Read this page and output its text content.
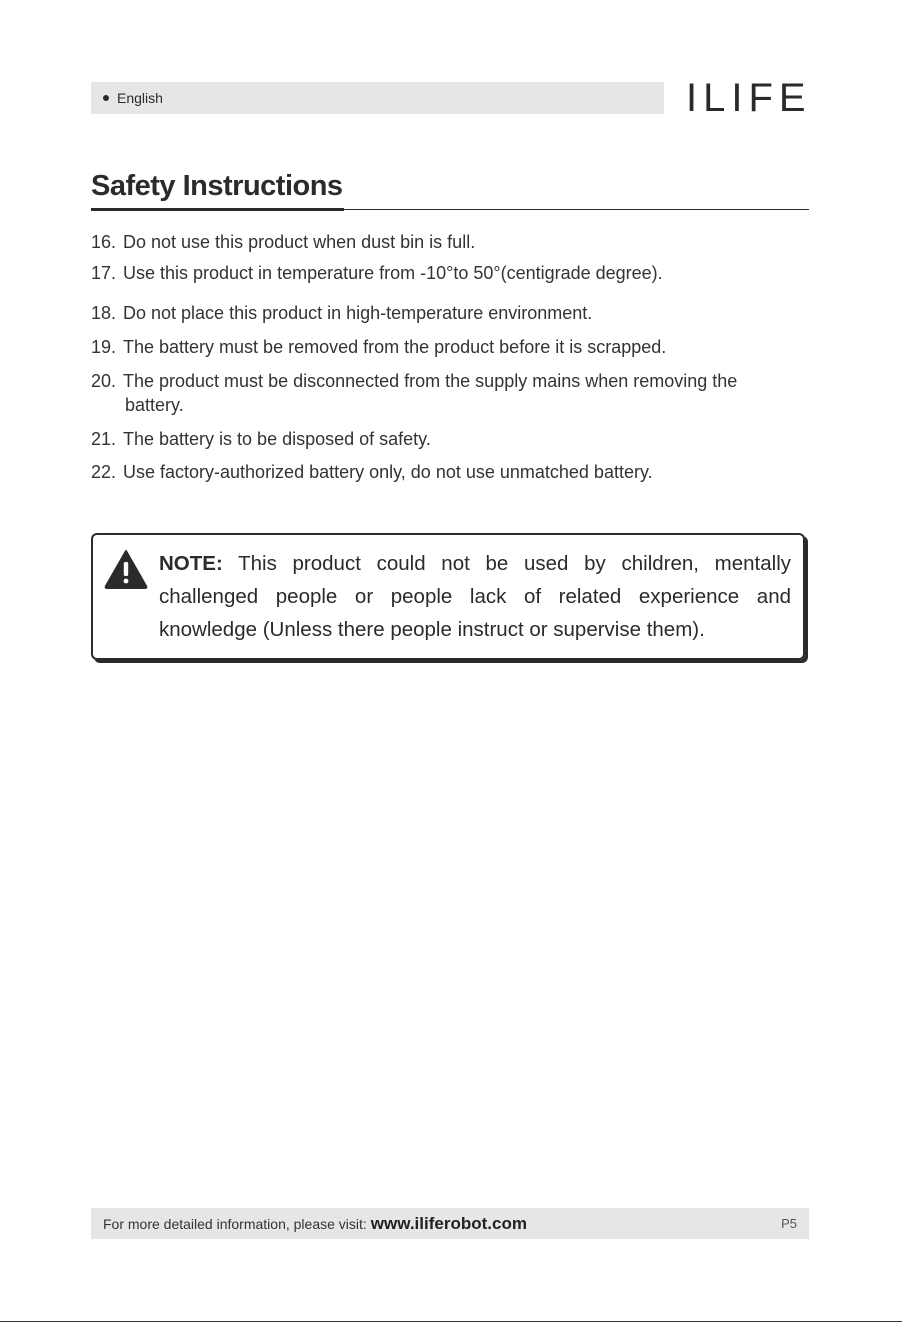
English	ILIFE
Safety Instructions
16. Do not use this product when dust bin is full.
17. Use this product in temperature from -10°to 50°(centigrade degree).
18. Do not place this product in high-temperature environment.
19. The battery must be removed from the product before it is scrapped.
20. The product must be disconnected from the supply mains when removing the
battery.
21. The battery is to be disposed of safety.
22. Use factory-authorized battery only, do not use unmatched battery.
NOTE: This product could not be used by children, mentally challenged people or people lack of related experience and knowledge (Unless there people instruct or supervise them).
For more detailed information, please visit: www.iliferobot.com	P5
